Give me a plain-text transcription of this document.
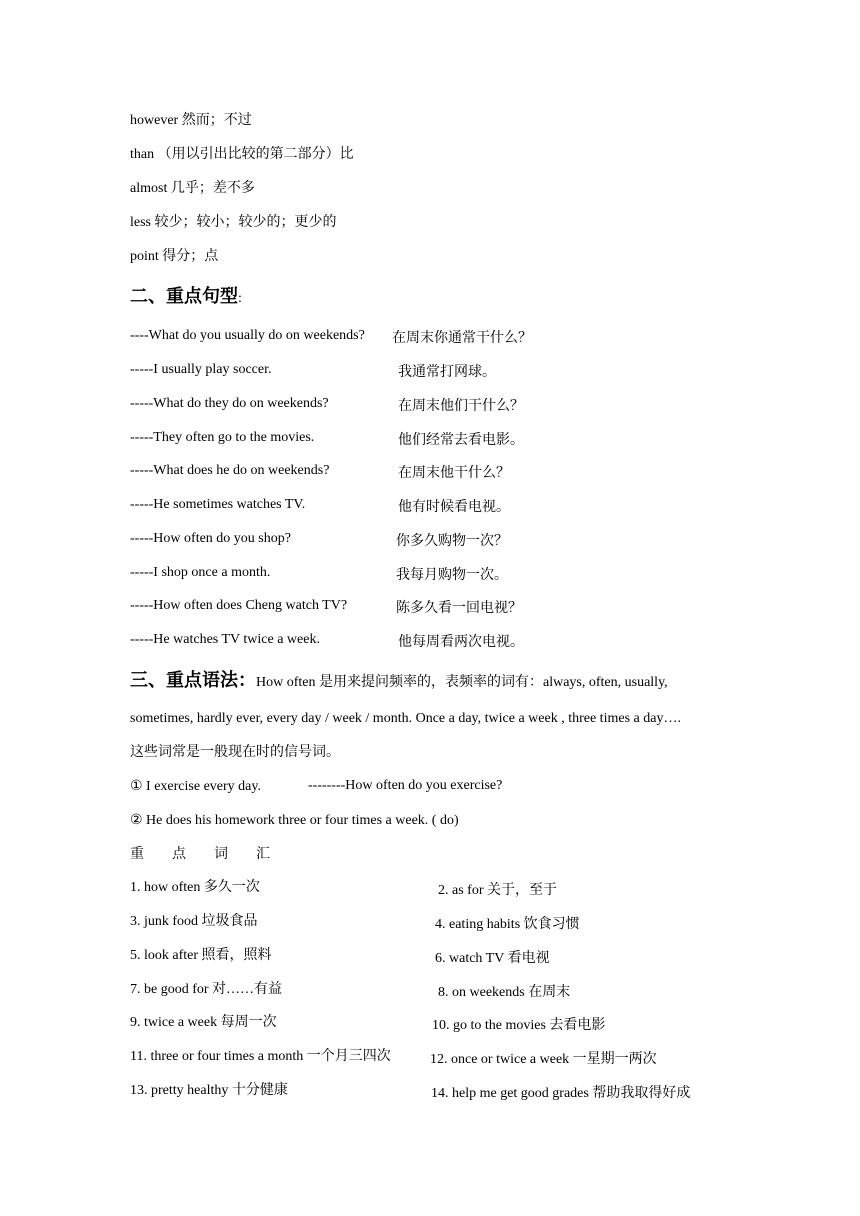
however 然而；不过
than （用以引出比较的第二部分）比
almost 几乎；差不多
less 较少；较小；较少的；更少的
point 得分；点
二、重点句型:
----What do you usually do on weekends? 在周末你通常干什么？
-----I usually play soccer.	我通常打网球。
-----What do they do on weekends?	在周末他们干什么？
-----They often go to the movies.	他们经常去看电影。
-----What does he do on weekends?	在周末他干什么？
-----He sometimes watches TV.	他有时候看电视。
-----How often do you shop?	你多久购物一次？
-----I shop once a month.	我每月购物一次。
-----How often does Cheng watch TV?	陈多久看一回电视？
-----He watches TV twice a week.	他每周看两次电视。
三、重点语法：How often 是用来提问频率的，表频率的词有：always, often, usually,
sometimes, hardly ever, every day / week / month. Once a day, twice a week , three times a day….
这些词常是一般现在时的信号词。
① I exercise every day.	--------How often do you exercise?
② He does his homework three or four times a week. ( do)
重 点 词 汇
1. how often 多久一次	2. as for 关于，至于
3. junk food 垃圾食品	4. eating habits 饮食习惯
5. look after 照看，照料	6. watch TV 看电视
7. be good for 对……有益	8. on weekends 在周末
9. twice a week 每周一次	10. go to the movies 去看电影
11. three or four times a month 一个月三四次	12. once or twice a week 一星期一两次
13. pretty healthy 十分健康	14. help me get good grades 帮助我取得好成
